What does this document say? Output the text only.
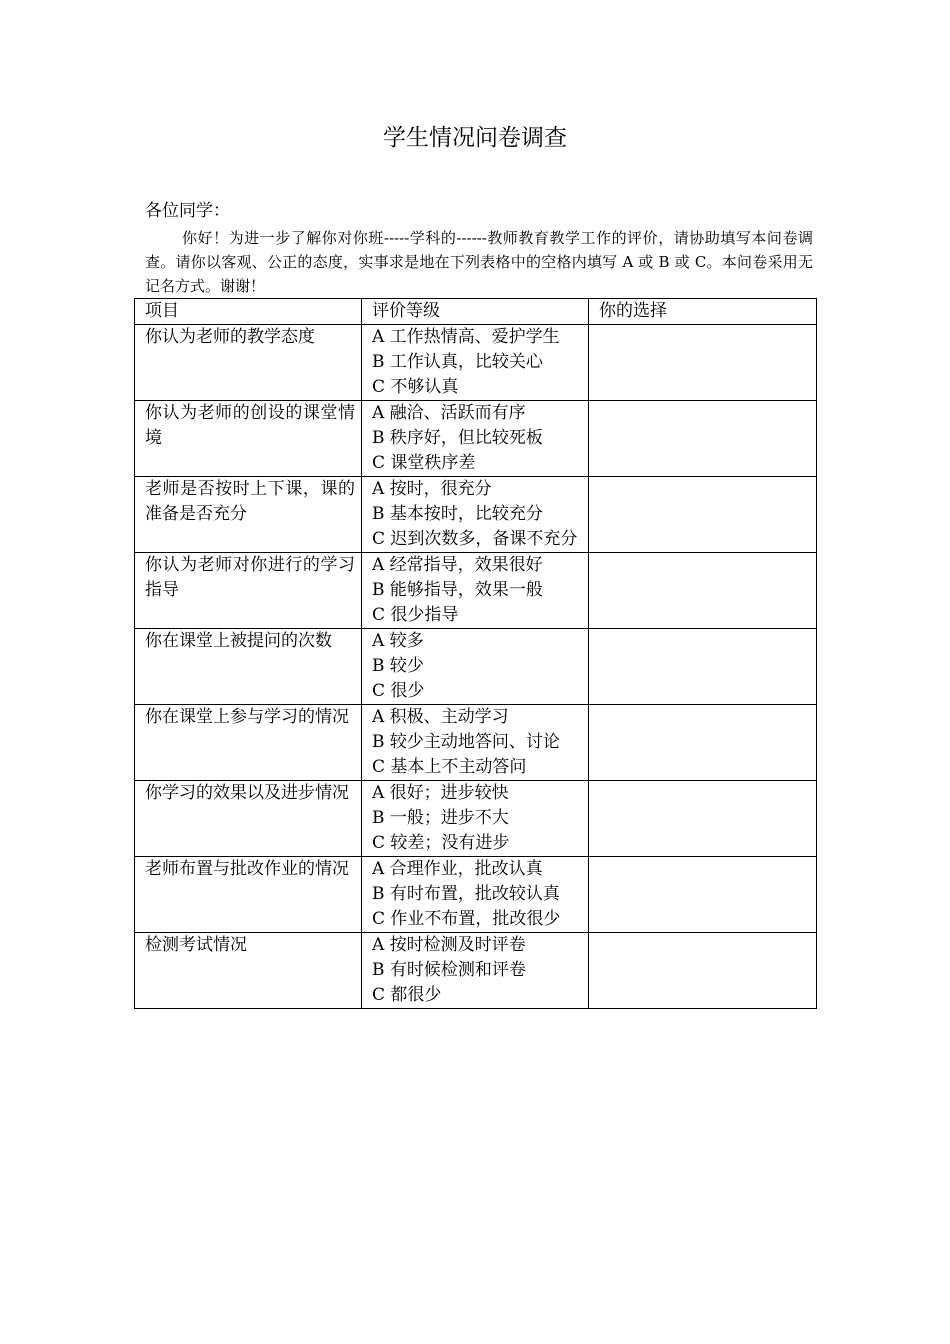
学生情况问卷调查
各位同学：
你好！为进一步了解你对你班-----学科的------教师教育教学工作的评价，请协助填写本问卷调查。请你以客观、公正的态度，实事求是地在下列表格中的空格内填写 A 或 B 或 C。本问卷采用无记名方式。谢谢！
项目	评价等级	你的选择

你认为老师的教学态度	A 工作热情高、爱护学生
B 工作认真，比较关心
C 不够认真	

你认为老师的创设的课堂情境	A 融洽、活跃而有序
B 秩序好，但比较死板
C 课堂秩序差	

老师是否按时上下课，课的准备是否充分	A 按时，很充分
B 基本按时，比较充分
C 迟到次数多，备课不充分	

你认为老师对你进行的学习指导	A 经常指导，效果很好
B 能够指导，效果一般
C 很少指导	

你在课堂上被提问的次数	A 较多
B 较少
C 很少	

你在课堂上参与学习的情况	A 积极、主动学习
B 较少主动地答问、讨论
C 基本上不主动答问	

你学习的效果以及进步情况	A 很好；进步较快
B 一般；进步不大
C 较差；没有进步	

老师布置与批改作业的情况	A 合理作业，批改认真
B 有时布置，批改较认真
C 作业不布置，批改很少	

检测考试情况	A 按时检测及时评卷
B 有时候检测和评卷
C 都很少	
